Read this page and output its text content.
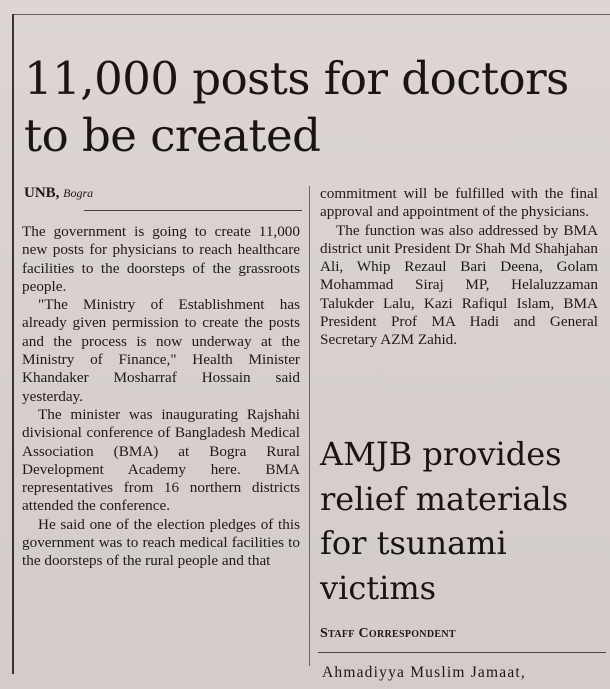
11,000 posts for doctors
to be created
UNB, Bogra

The government is going to create 11,000 new posts for physicians to reach healthcare facilities to the doorsteps of the grassroots people.

"The Ministry of Establishment has already given permission to create the posts and the process is now underway at the Ministry of Finance," Health Minister Khandaker Mosharraf Hossain said yesterday.

The minister was inaugurating Rajshahi divisional conference of Bangladesh Medical Association (BMA) at Bogra Rural Development Academy here. BMA representatives from 16 northern districts attended the conference.

He said one of the election pledges of this government was to reach medical facilities to the doorsteps of the rural people and that

commitment will be fulfilled with the final approval and appointment of the physicians.

The function was also addressed by BMA district unit President Dr Shah Md Shahjahan Ali, Whip Rezaul Bari Deena, Golam Mohammad Siraj MP, Helaluzzaman Talukder Lalu, Kazi Rafiqul Islam, BMA President Prof MA Hadi and General Secretary AZM Zahid.

AMJB provides
relief materials
for tsunami
victims
Staff Correspondent
Ahmadiyya Muslim Jamaat,
